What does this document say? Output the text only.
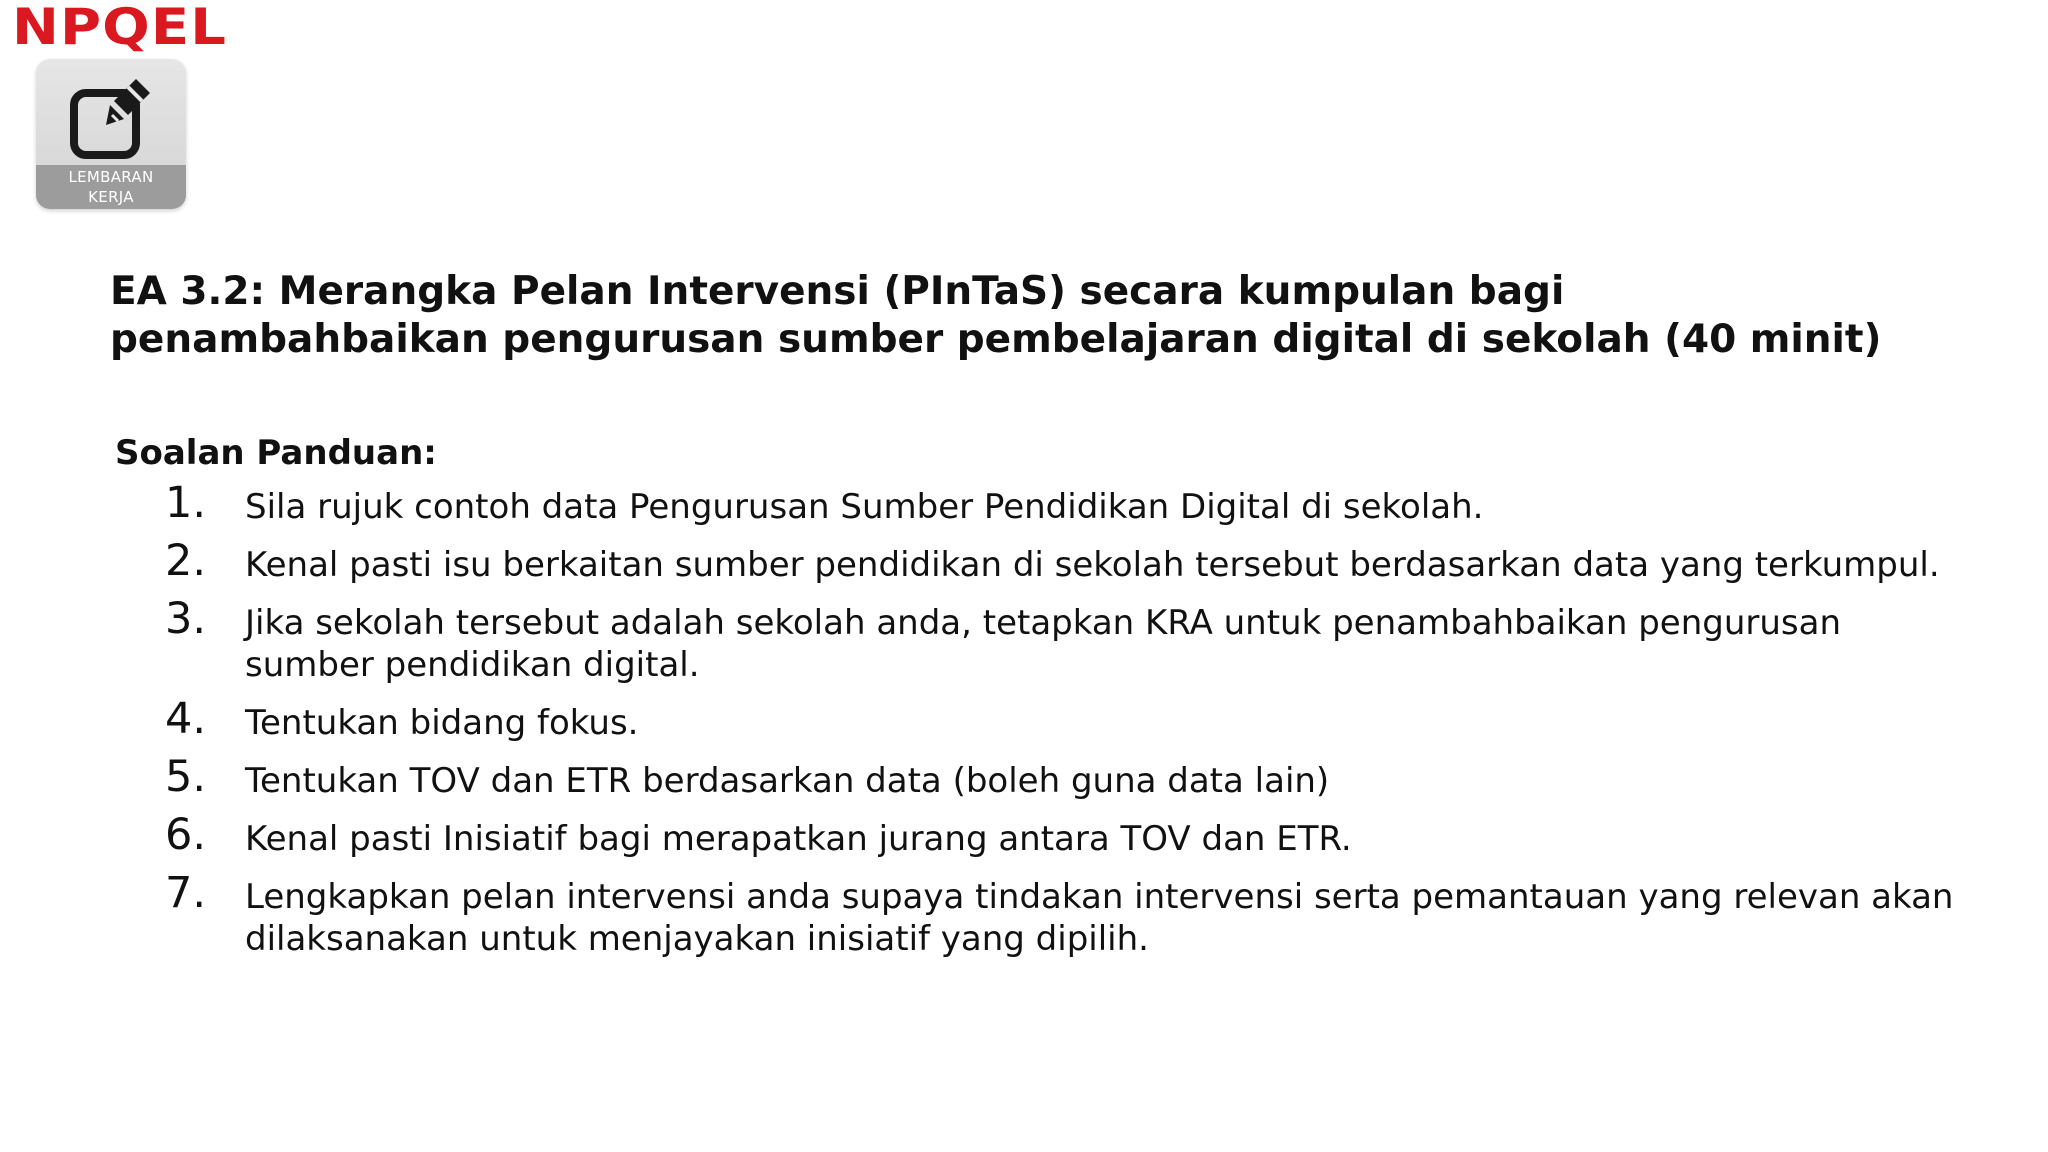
NPQEL
LEMBARAN
KERJA
EA 3.2: Merangka Pelan Intervensi (PInTaS) secara kumpulan bagi penambahbaikan pengurusan sumber pembelajaran digital di sekolah (40 minit)
Soalan Panduan:
1.	Sila rujuk contoh data Pengurusan Sumber Pendidikan Digital di sekolah.
2.	Kenal pasti isu berkaitan sumber pendidikan di sekolah tersebut berdasarkan data yang terkumpul.
3.	Jika sekolah tersebut adalah sekolah anda, tetapkan KRA untuk penambahbaikan pengurusan sumber pendidikan digital.
4.	Tentukan bidang fokus.
5.	Tentukan TOV dan ETR berdasarkan data (boleh guna data lain)
6.	Kenal pasti Inisiatif bagi merapatkan jurang antara TOV dan ETR.
7.	Lengkapkan pelan intervensi anda supaya tindakan intervensi serta pemantauan yang relevan akan dilaksanakan untuk menjayakan inisiatif yang dipilih.
